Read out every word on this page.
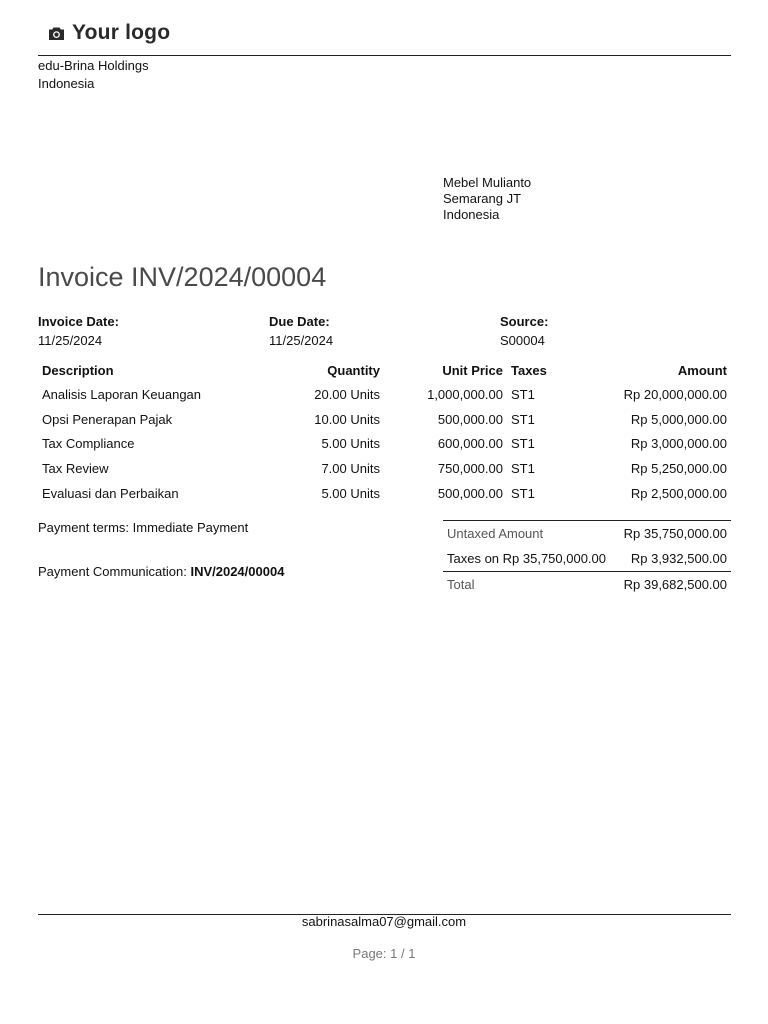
Your logo
edu-Brina Holdings
Indonesia
Mebel Mulianto
Semarang JT
Indonesia
Invoice INV/2024/00004
Invoice Date:
11/25/2024
Due Date:
11/25/2024
Source:
S00004
Description	Quantity	Unit Price	Taxes	Amount
Analisis Laporan Keuangan	20.00 Units	1,000,000.00	ST1	Rp 20,000,000.00
Opsi Penerapan Pajak	10.00 Units	500,000.00	ST1	Rp 5,000,000.00
Tax Compliance	5.00 Units	600,000.00	ST1	Rp 3,000,000.00
Tax Review	7.00 Units	750,000.00	ST1	Rp 5,250,000.00
Evaluasi dan Perbaikan	5.00 Units	500,000.00	ST1	Rp 2,500,000.00
Payment terms: Immediate Payment
Payment Communication: INV/2024/00004
Untaxed Amount	Rp 35,750,000.00
Taxes on Rp 35,750,000.00	Rp 3,932,500.00
Total	Rp 39,682,500.00
sabrinasalma07@gmail.com
Page: 1 / 1
